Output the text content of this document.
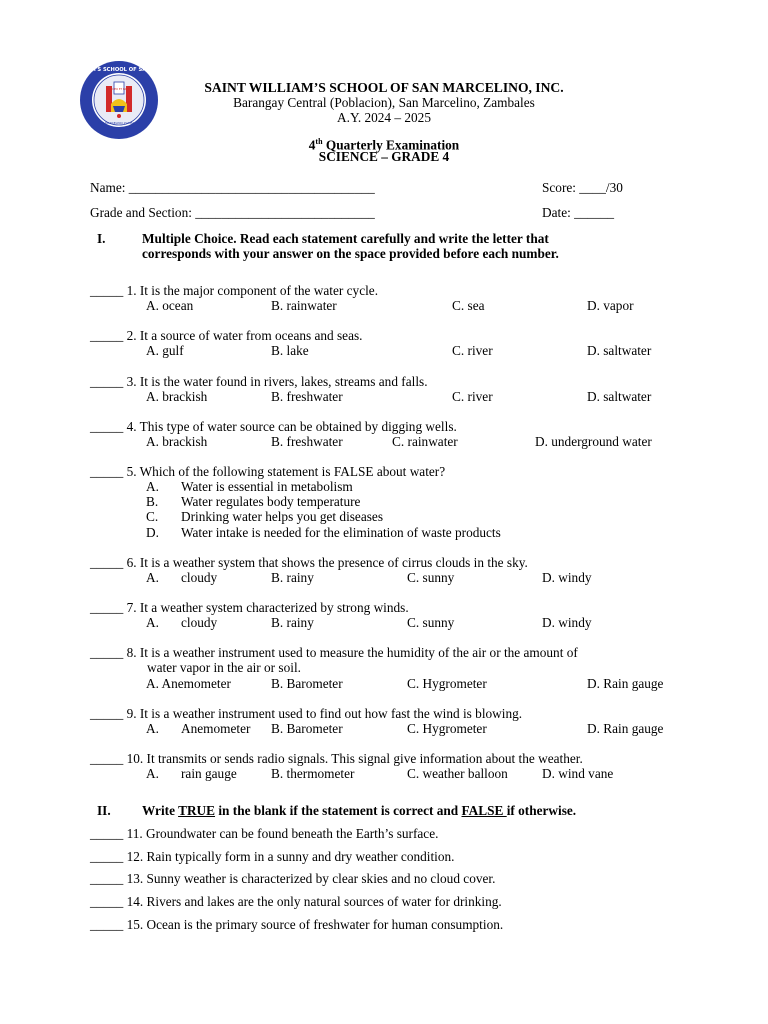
SAINT WILLIAM'S SCHOOL OF SAN MARCELINO
SAN MARCELINO ZAMBALES
PRO DEO ET PATRIA	SAINT WILLIAM’S SCHOOL OF SAN MARCELINO, INC.
Barangay Central (Poblacion), San Marcelino, Zambales
A.Y. 2024 – 2025
4th Quarterly Examination
SCIENCE – GRADE 4
Name: _____________________________________	Score: ____/30
Grade and Section: ___________________________	Date: ______
I.	Multiple Choice. Read each statement carefully and write the letter that
corresponds with your answer on the space provided before each number.
_____ 1. It is the major component of the water cycle.
A. ocean	B. rainwater	C. sea	D. vapor
_____ 2. It a source of water from oceans and seas.
A. gulf	B. lake	C. river	D. saltwater
_____ 3. It is the water found in rivers, lakes, streams and falls.
A. brackish	B. freshwater	C. river	D. saltwater
_____ 4. This type of water source can be obtained by digging wells.
A. brackish	B. freshwater	C. rainwater	D. underground water
_____ 5. Which of the following statement is FALSE about water?
A. Water is essential in metabolism
B. Water regulates body temperature
C. Drinking water helps you get diseases
D. Water intake is needed for the elimination of waste products
_____ 6. It is a weather system that shows the presence of cirrus clouds in the sky.
A. cloudy	B. rainy	C. sunny	D. windy
_____ 7. It a weather system characterized by strong winds.
A. cloudy	B. rainy	C. sunny	D. windy
_____ 8. It is a weather instrument used to measure the humidity of the air or the amount of
water vapor in the air or soil.
A. Anemometer	B. Barometer	C. Hygrometer	D. Rain gauge
_____ 9. It is a weather instrument used to find out how fast the wind is blowing.
A. Anemometer B. Barometer	C. Hygrometer	D. Rain gauge
_____ 10. It transmits or sends radio signals. This signal give information about the weather.
A. rain gauge	B. thermometer	C. weather balloon	D. wind vane
II. Write TRUE in the blank if the statement is correct and FALSE if otherwise.
_____ 11. Groundwater can be found beneath the Earth’s surface.
_____ 12. Rain typically form in a sunny and dry weather condition.
_____ 13. Sunny weather is characterized by clear skies and no cloud cover.
_____ 14. Rivers and lakes are the only natural sources of water for drinking.
_____ 15. Ocean is the primary source of freshwater for human consumption.
